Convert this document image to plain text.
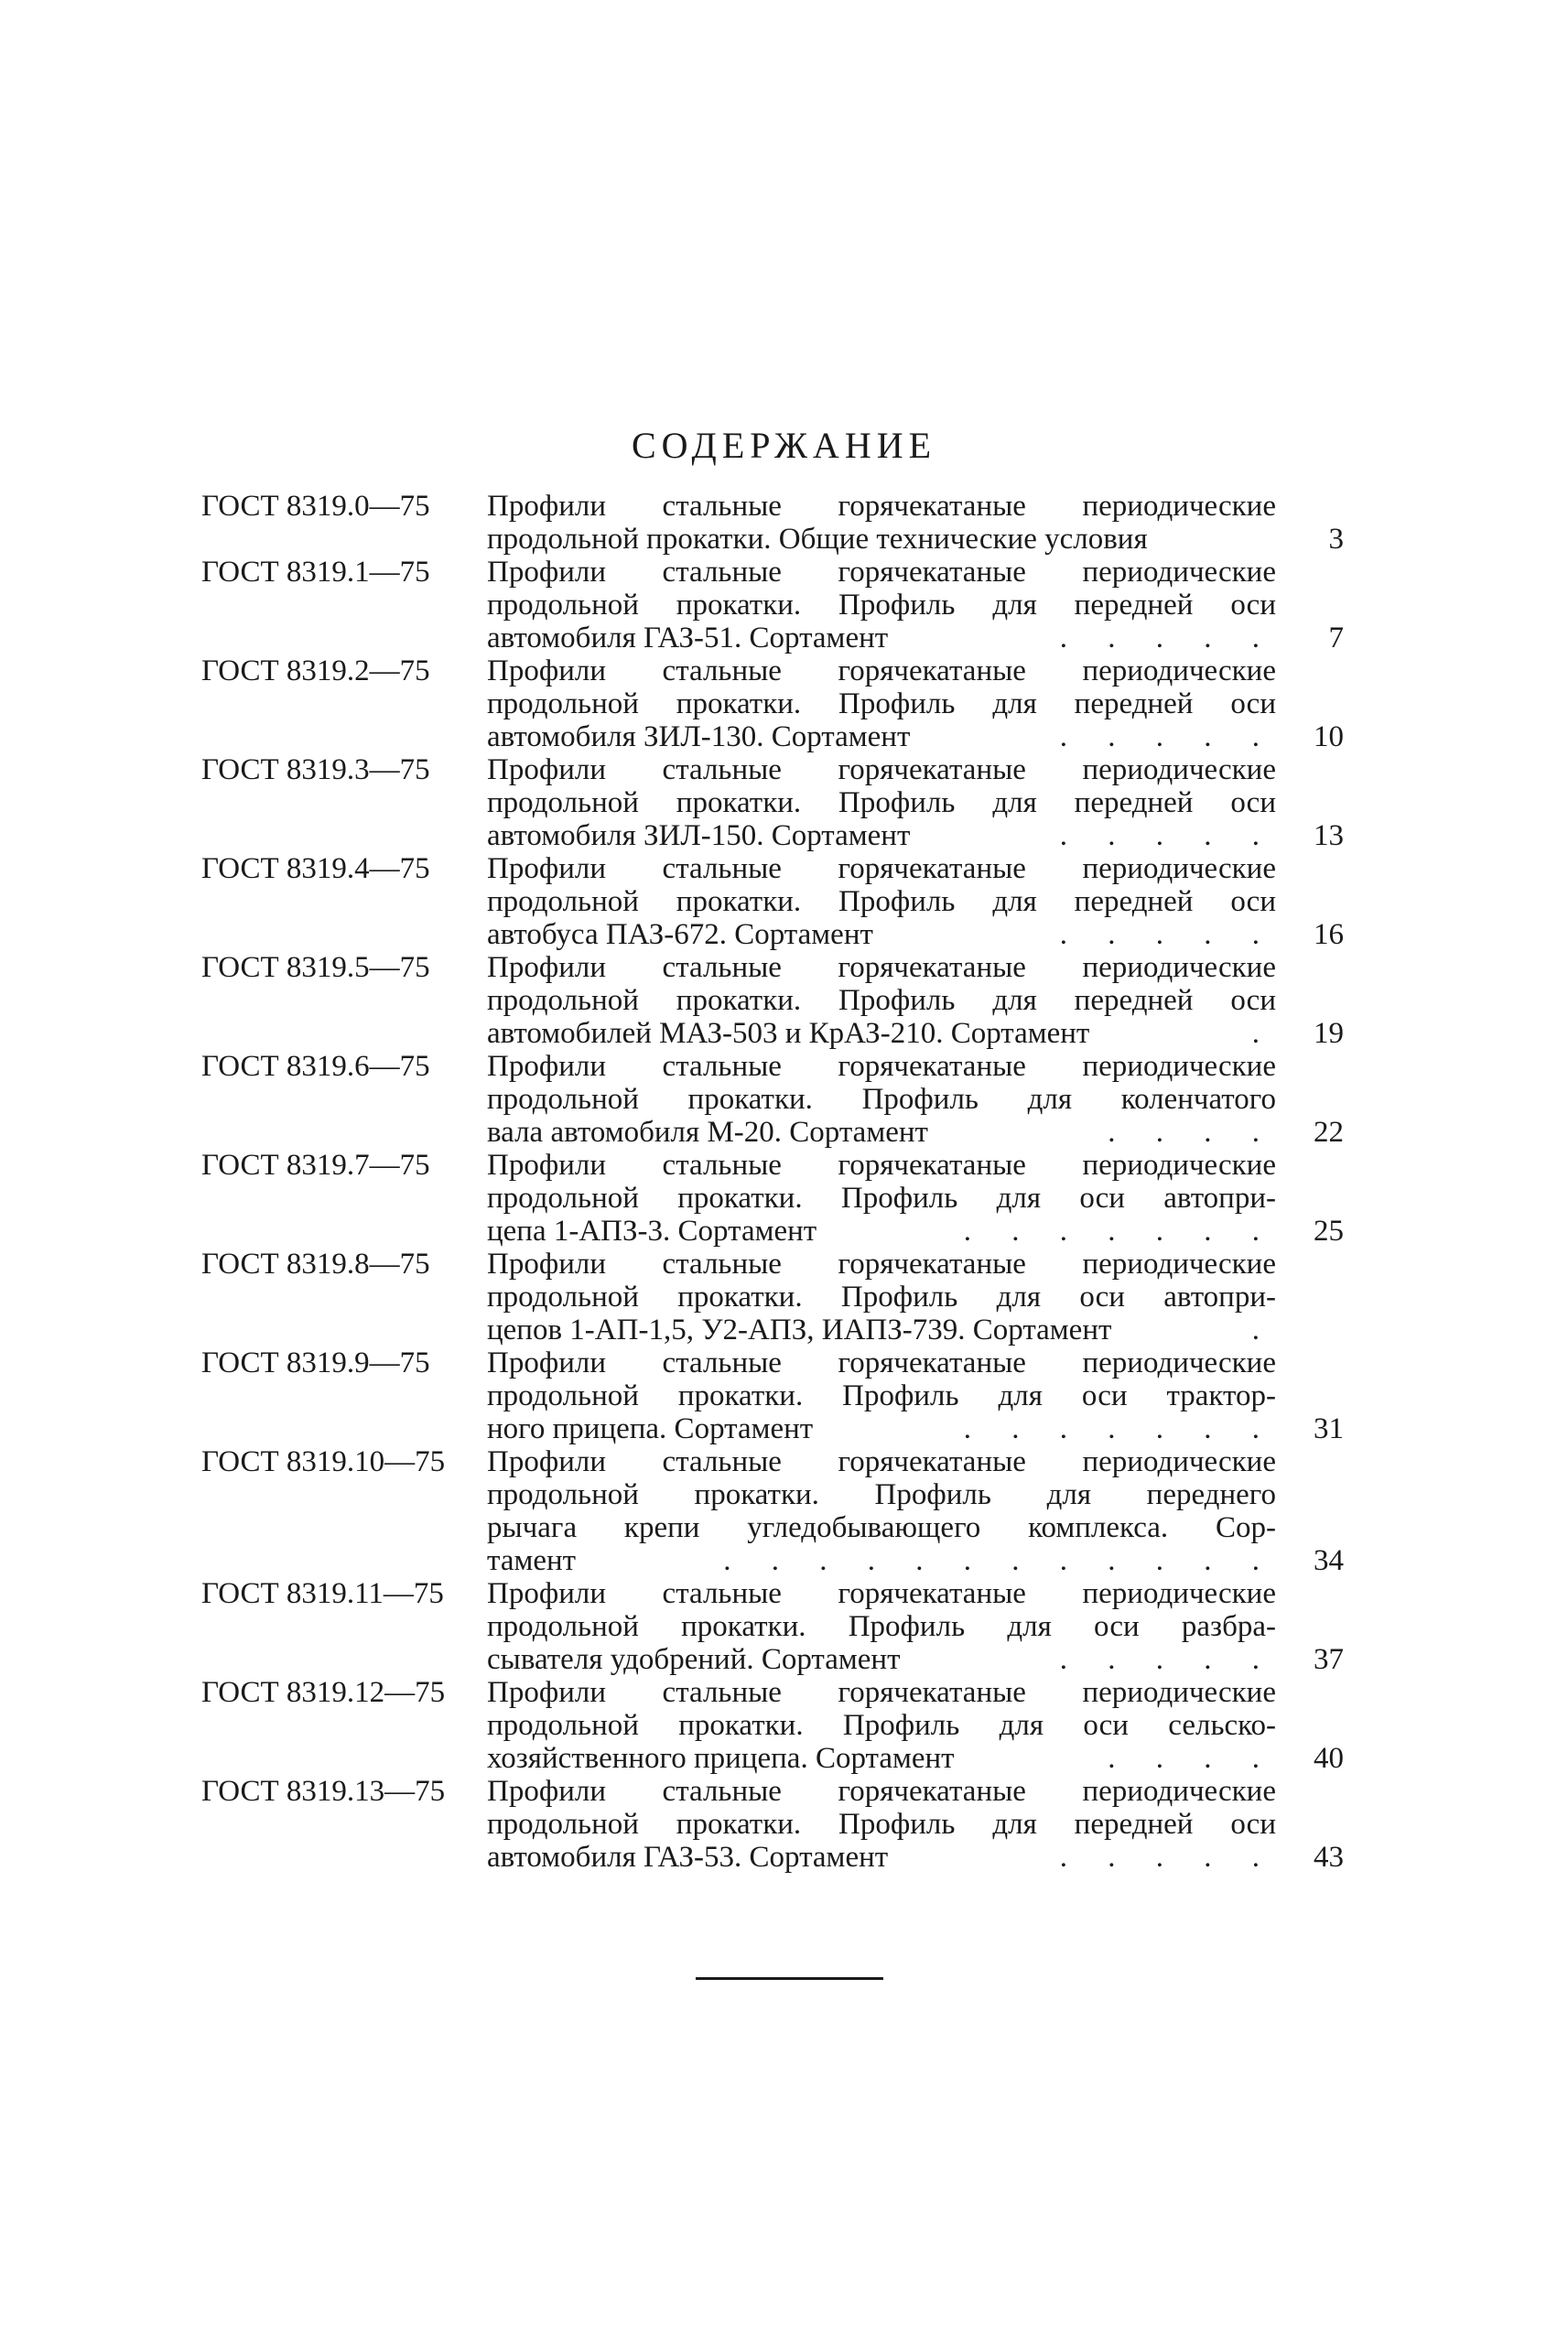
СОДЕРЖАНИЕ
ГОСТ 8319.0—75	Профили стальные горячекатаные периодические
продольной прокатки. Общие технические условия	3
ГОСТ 8319.1—75	Профили стальные горячекатаные периодические
продольной прокатки. Профиль для передней оси
автомобиля ГАЗ-51. Сортамент	. . . . .	7
ГОСТ 8319.2—75	Профили стальные горячекатаные периодические
продольной прокатки. Профиль для передней оси
автомобиля ЗИЛ-130. Сортамент	. . . . .	10
ГОСТ 8319.3—75	Профили стальные горячекатаные периодические
продольной прокатки. Профиль для передней оси
автомобиля ЗИЛ-150. Сортамент	. . . . .	13
ГОСТ 8319.4—75	Профили стальные горячекатаные периодические
продольной прокатки. Профиль для передней оси
автобуса ПАЗ-672. Сортамент	. . . . .	16
ГОСТ 8319.5—75	Профили стальные горячекатаные периодические
продольной прокатки. Профиль для передней оси
автомобилей МАЗ-503 и КрАЗ-210. Сортамент	.	19
ГОСТ 8319.6—75	Профили стальные горячекатаные периодические
продольной прокатки. Профиль для коленчатого
вала автомобиля М-20. Сортамент	. . . .	22
ГОСТ 8319.7—75	Профили стальные горячекатаные периодические
продольной прокатки. Профиль для оси автопри-
цепа 1-АПЗ-3. Сортамент	. . . . . . .	25
ГОСТ 8319.8—75	Профили стальные горячекатаные периодические
продольной прокатки. Профиль для оси автопри-
цепов 1-АП-1,5, У2-АПЗ, ИАПЗ-739. Сортамент	.
ГОСТ 8319.9—75	Профили стальные горячекатаные периодические
продольной прокатки. Профиль для оси трактор-
ного прицепа. Сортамент	. . . . . . .	31
ГОСТ 8319.10—75	Профили стальные горячекатаные периодические
продольной прокатки. Профиль для переднего
рычага крепи угледобывающего комплекса. Сор-
тамент	. . . . . . . . . . . .	34
ГОСТ 8319.11—75	Профили стальные горячекатаные периодические
продольной прокатки. Профиль для оси разбра-
сывателя удобрений. Сортамент	. . . . .	37
ГОСТ 8319.12—75	Профили стальные горячекатаные периодические
продольной прокатки. Профиль для оси сельско-
хозяйственного прицепа. Сортамент	. . . .	40
ГОСТ 8319.13—75	Профили стальные горячекатаные периодические
продольной прокатки. Профиль для передней оси
автомобиля ГАЗ-53. Сортамент	. . . . .	43
